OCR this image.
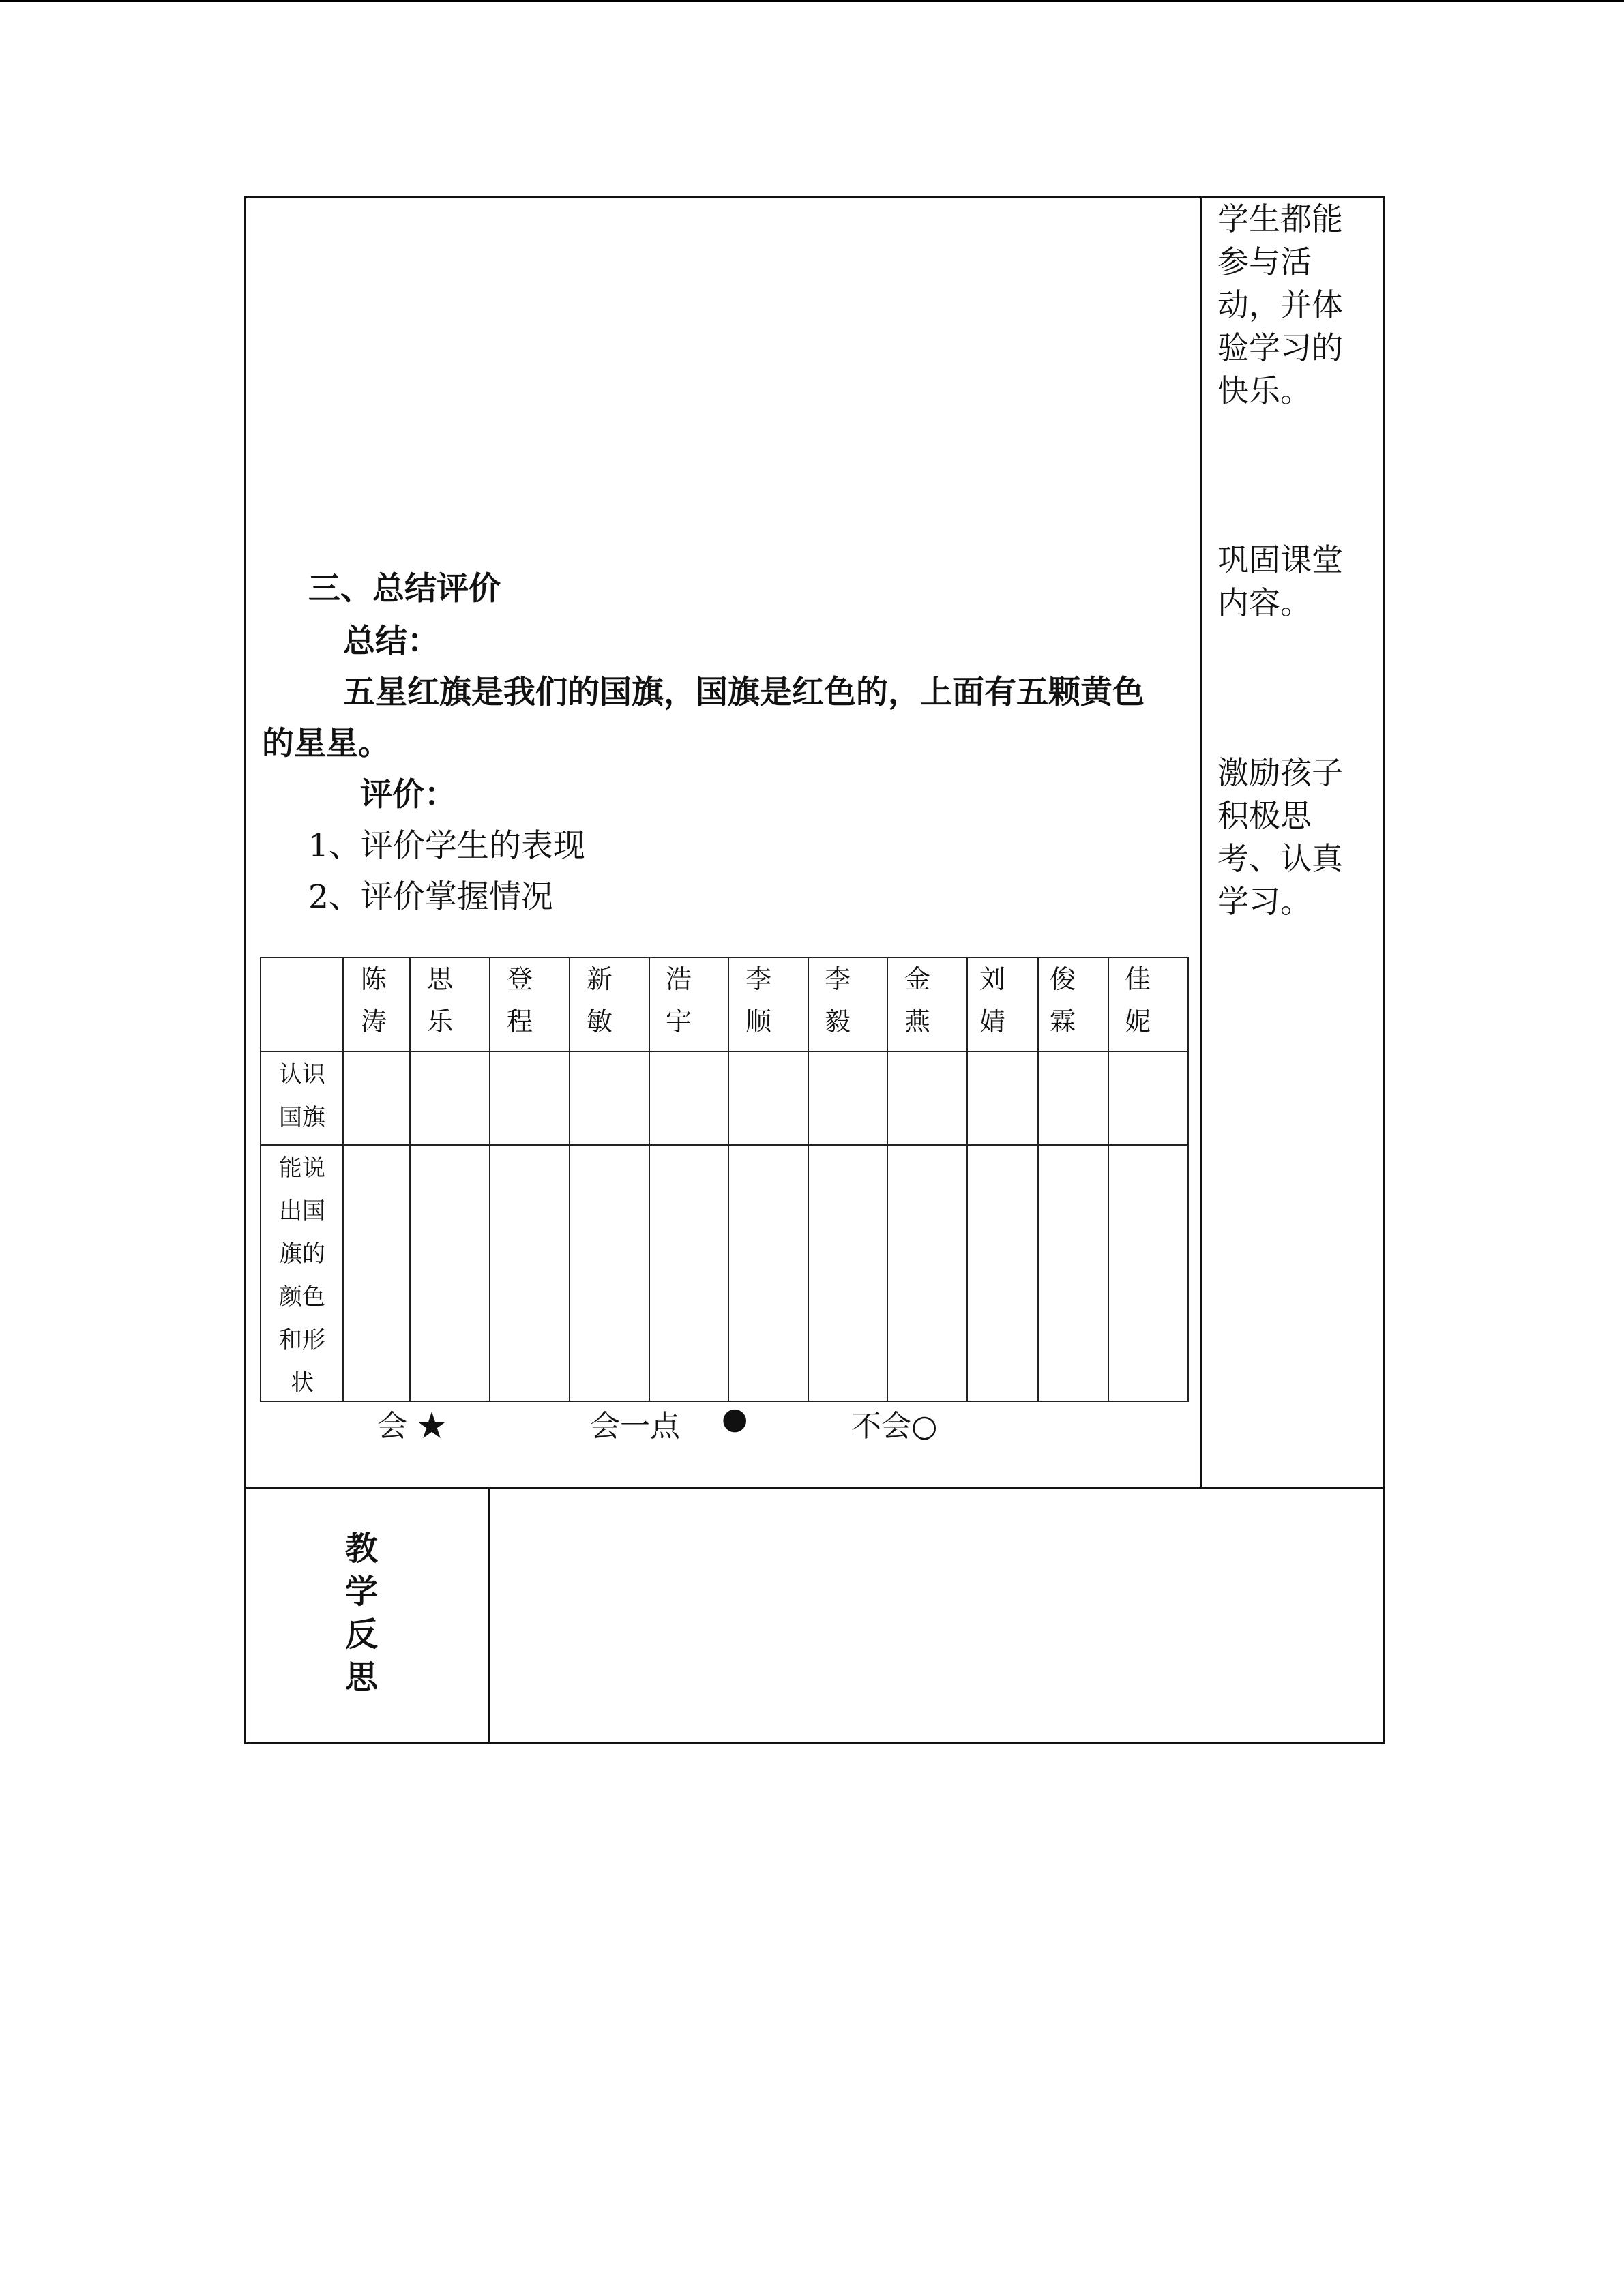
学生都能
参与活
动，并体
验学习的
快乐。
巩固课堂
内容。
激励孩子
积极思
考、认真
学习。
三、总结评价
总结：
五星红旗是我们的国旗，国旗是红色的，上面有五颗黄色
的星星。
评价：
1、评价学生的表现
2、评价掌握情况
陈
涛
思
乐
登
程
新
敏
浩
宇
李
顺
李
毅
金
燕
刘
婧
俊
霖
佳
妮
认识
国旗
能说
出国
旗的
颜色
和形
状
会 ★	会一点 ●	不会○
教
学
反
思
